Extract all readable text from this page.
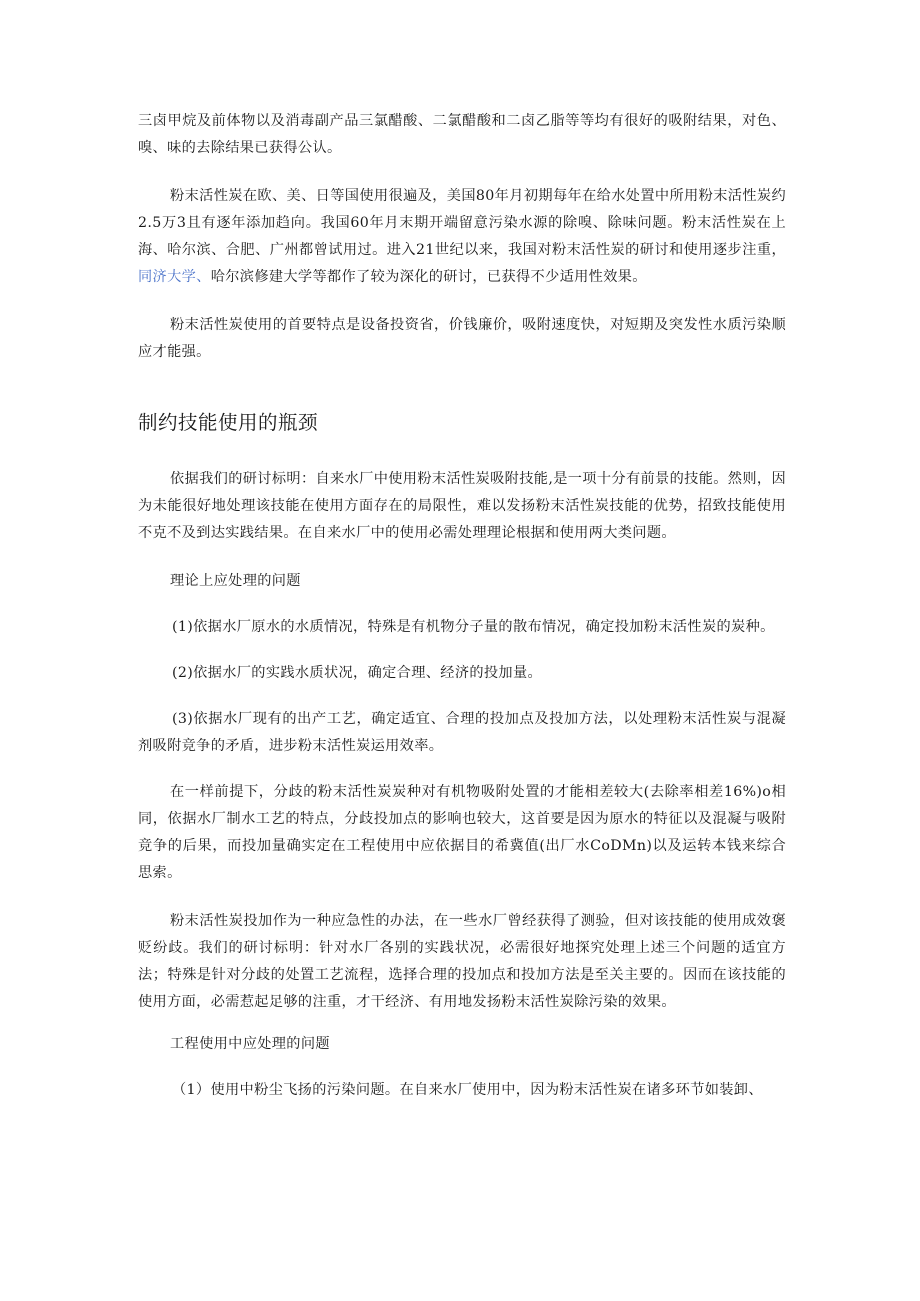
三卤甲烷及前体物以及消毒副产品三氯醋酸、二氯醋酸和二卤乙脂等等均有很好的吸附结果，对色、嗅、味的去除结果已获得公认。

粉末活性炭在欧、美、日等国使用很遍及，美国80年月初期每年在给水处置中所用粉末活性炭约2.5万3且有逐年添加趋向。我国60年月末期开端留意污染水源的除嗅、除味问题。粉末活性炭在上海、哈尔滨、合肥、广州都曾试用过。进入21世纪以来，我国对粉末活性炭的研讨和使用逐步注重，同济大学、哈尔滨修建大学等都作了较为深化的研讨，已获得不少适用性效果。

粉末活性炭使用的首要特点是设备投资省，价钱廉价，吸附速度快，对短期及突发性水质污染顺应才能强。

制约技能使用的瓶颈

依据我们的研讨标明：自来水厂中使用粉末活性炭吸附技能,是一项十分有前景的技能。然则，因为未能很好地处理该技能在使用方面存在的局限性，难以发扬粉末活性炭技能的优势，招致技能使用不克不及到达实践结果。在自来水厂中的使用必需处理理论根据和使用两大类问题。

理论上应处理的问题

(1)依据水厂原水的水质情况，特殊是有机物分子量的散布情况，确定投加粉末活性炭的炭种。

(2)依据水厂的实践水质状况，确定合理、经济的投加量。

(3)依据水厂现有的出产工艺，确定适宜、合理的投加点及投加方法，以处理粉末活性炭与混凝剂吸附竞争的矛盾，进步粉末活性炭运用效率。

在一样前提下，分歧的粉末活性炭炭种对有机物吸附处置的才能相差较大(去除率相差16%)o相同，依据水厂制水工艺的特点，分歧投加点的影响也较大，这首要是因为原水的特征以及混凝与吸附竞争的后果，而投加量确实定在工程使用中应依据目的希冀值(出厂水CoDMn)以及运转本钱来综合思索。

粉末活性炭投加作为一种应急性的办法，在一些水厂曾经获得了测验，但对该技能的使用成效褒贬纷歧。我们的研讨标明：针对水厂各别的实践状况，必需很好地探究处理上述三个问题的适宜方法；特殊是针对分歧的处置工艺流程，选择合理的投加点和投加方法是至关主要的。因而在该技能的使用方面，必需惹起足够的注重，才干经济、有用地发扬粉末活性炭除污染的效果。

工程使用中应处理的问题

（1）使用中粉尘飞扬的污染问题。在自来水厂使用中，因为粉末活性炭在诸多环节如装卸、
